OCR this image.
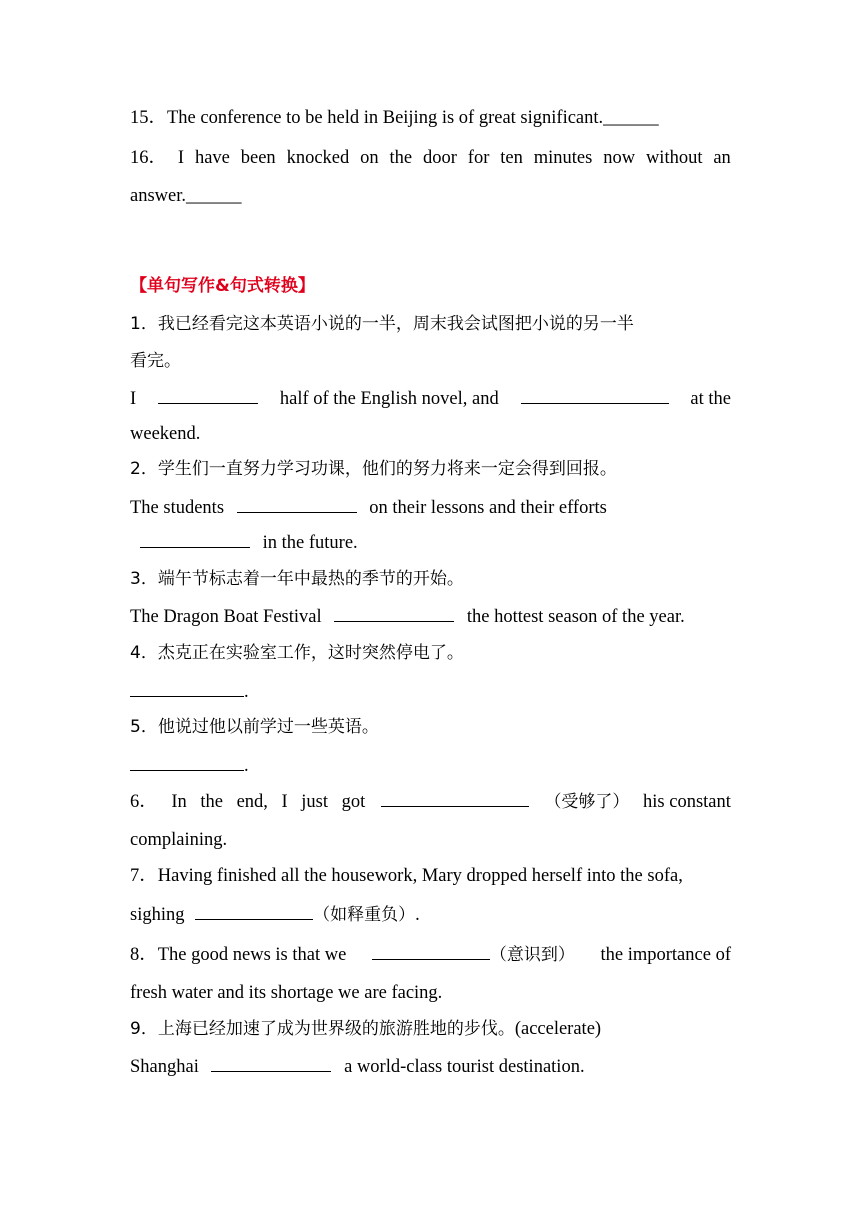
15．The conference to be held in Beijing is of great significant.______
16． I have been knocked on the door for ten minutes now without an
answer.______
【单句写作&句式转换】
1．我已经看完这本英语小说的一半，周末我会试图把小说的另一半
看完。
I	half of the English novel, and	at the
weekend.
2．学生们一直努力学习功课，他们的努力将来一定会得到回报。
The students	on their lessons and their efforts
in the future.
3．端午节标志着一年中最热的季节的开始。
The Dragon Boat Festival	the hottest season of the year.
4．杰克正在实验室工作，这时突然停电了。
.
5．他说过他以前学过一些英语。
.
6． In the end, I just got	（受够了） his constant
complaining.
7．Having finished all the housework, Mary dropped herself into the sofa,
sighing	（如释重负）.
8．The good news is that we	（意识到） the importance of
fresh water and its shortage we are facing.
9．上海已经加速了成为世界级的旅游胜地的步伐。(accelerate)
Shanghai	a world-class tourist destination.
